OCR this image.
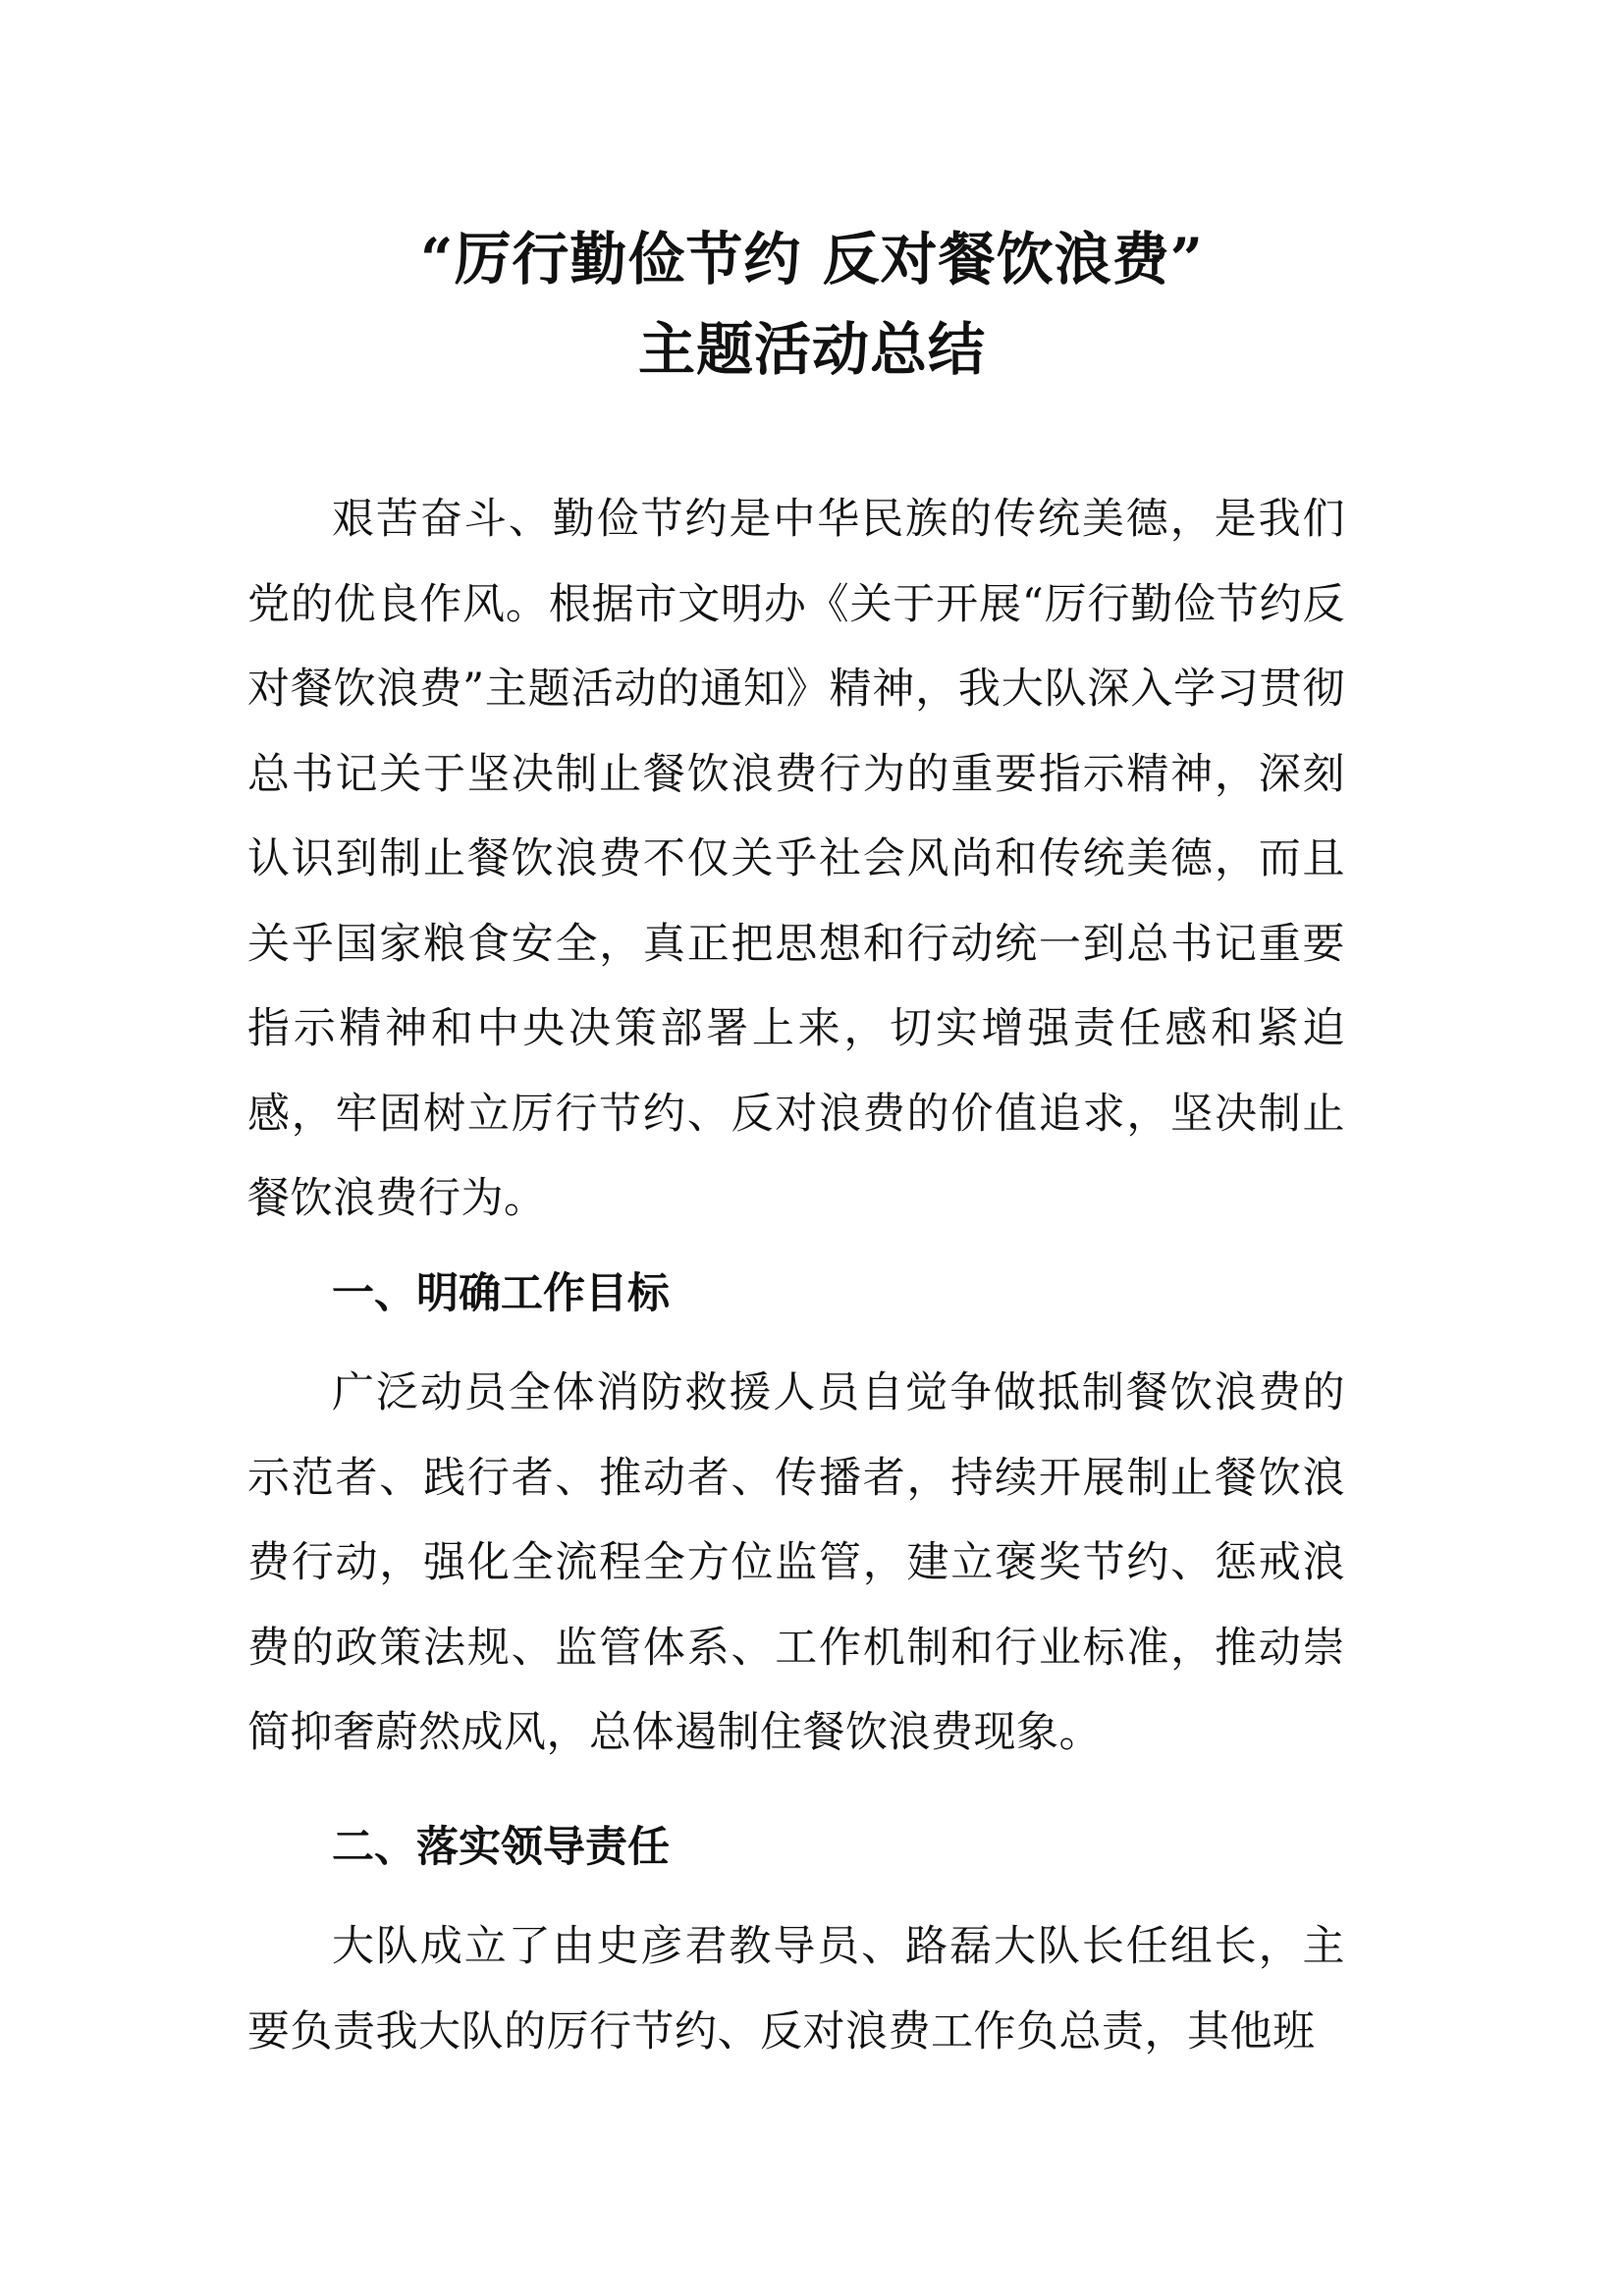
“厉行勤俭节约 反对餐饮浪费”
主题活动总结

艰苦奋斗、勤俭节约是中华民族的传统美德，是我们党的优良作风。根据市文明办《关于开展“厉行勤俭节约反对餐饮浪费”主题活动的通知》精神，我大队深入学习贯彻总书记关于坚决制止餐饮浪费行为的重要指示精神，深刻认识到制止餐饮浪费不仅关乎社会风尚和传统美德，而且关乎国家粮食安全，真正把思想和行动统一到总书记重要指示精神和中央决策部署上来，切实增强责任感和紧迫感，牢固树立厉行节约、反对浪费的价值追求，坚决制止餐饮浪费行为。

一、明确工作目标

广泛动员全体消防救援人员自觉争做抵制餐饮浪费的示范者、践行者、推动者、传播者，持续开展制止餐饮浪费行动，强化全流程全方位监管，建立褒奖节约、惩戒浪费的政策法规、监管体系、工作机制和行业标准，推动崇简抑奢蔚然成风，总体遏制住餐饮浪费现象。

二、落实领导责任

大队成立了由史彦君教导员、路磊大队长任组长，主要负责我大队的厉行节约、反对浪费工作负总责，其他班
